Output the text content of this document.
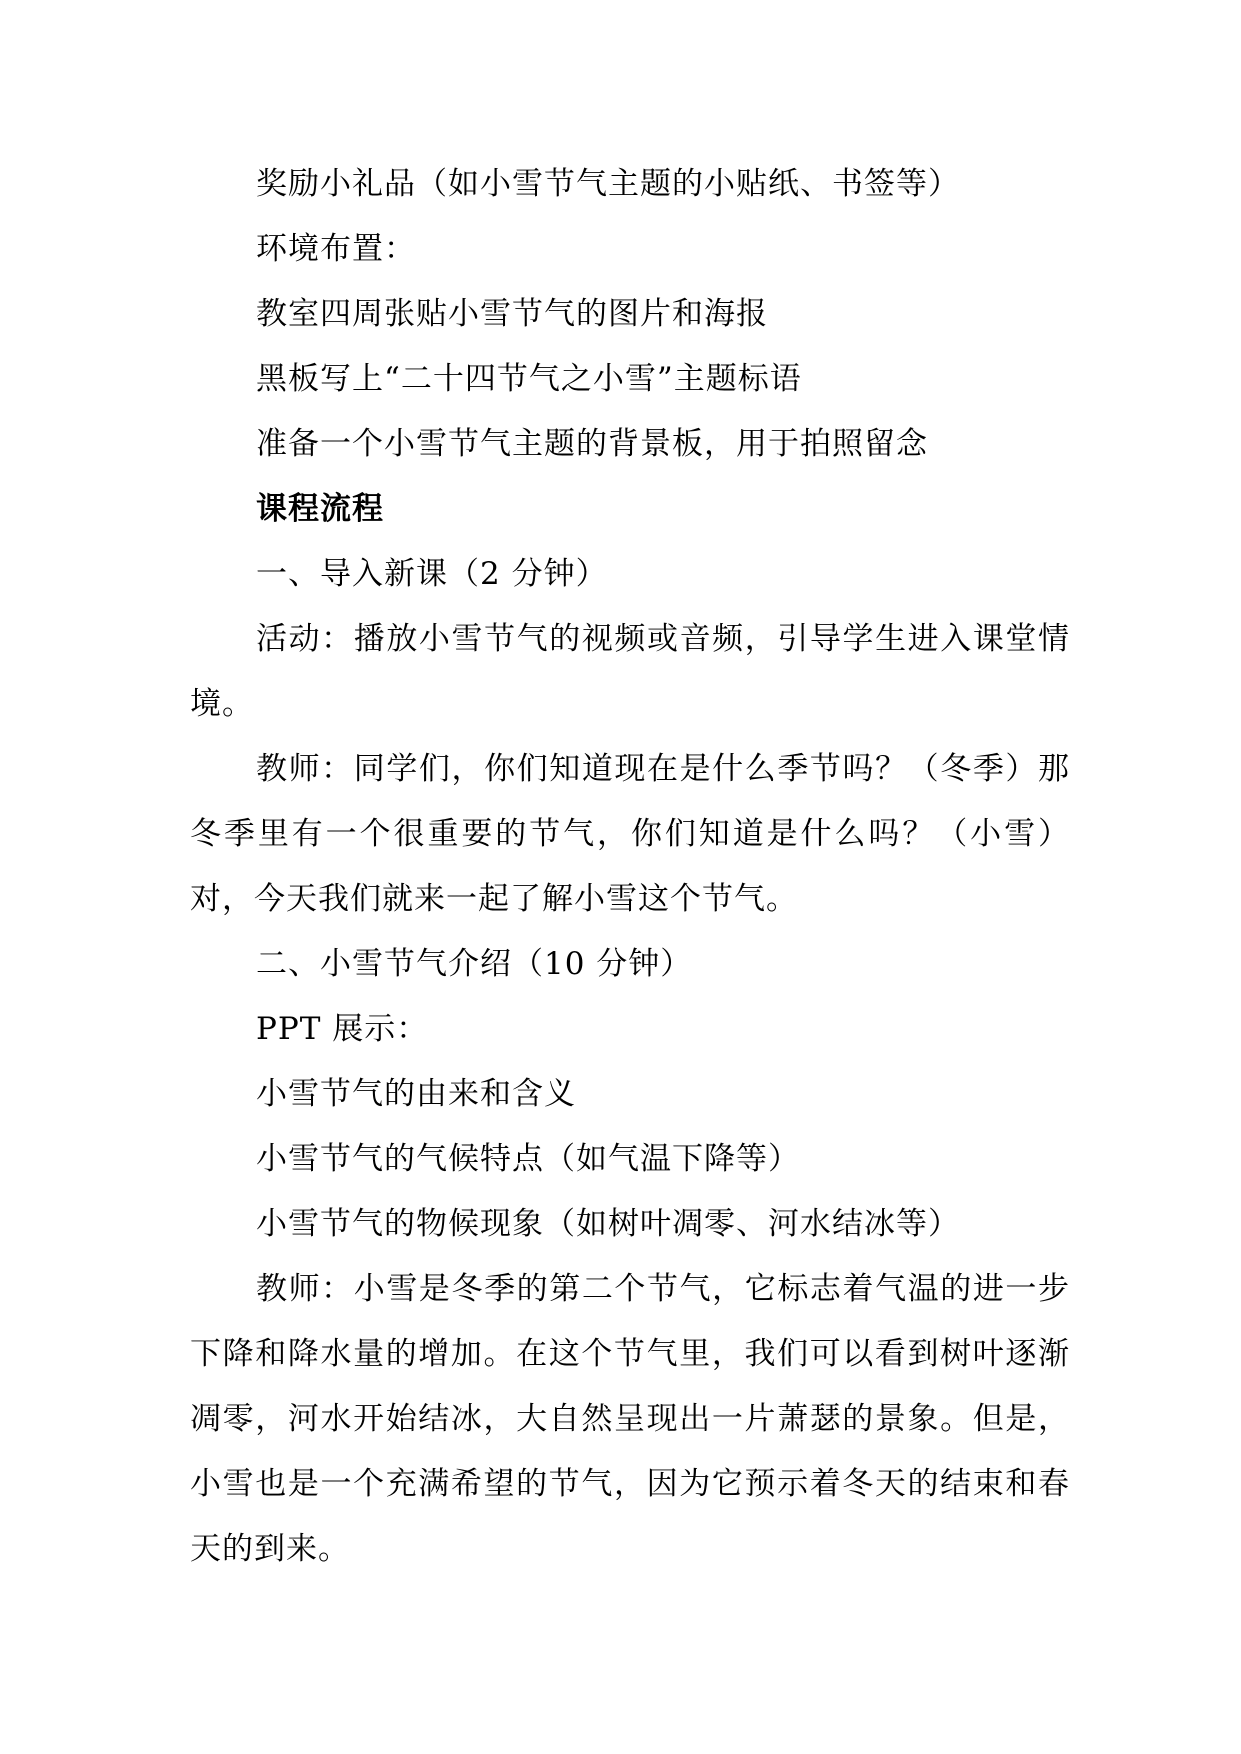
奖励小礼品（如小雪节气主题的小贴纸、书签等）

环境布置：

教室四周张贴小雪节气的图片和海报

黑板写上“二十四节气之小雪”主题标语

准备一个小雪节气主题的背景板，用于拍照留念

课程流程

一、导入新课（2 分钟）

活动：播放小雪节气的视频或音频，引导学生进入课堂情境。

教师：同学们，你们知道现在是什么季节吗？（冬季）那冬季里有一个很重要的节气，你们知道是什么吗？（小雪）对，今天我们就来一起了解小雪这个节气。

二、小雪节气介绍（10 分钟）

PPT 展示：

小雪节气的由来和含义

小雪节气的气候特点（如气温下降等）

小雪节气的物候现象（如树叶凋零、河水结冰等）

教师：小雪是冬季的第二个节气，它标志着气温的进一步下降和降水量的增加。在这个节气里，我们可以看到树叶逐渐凋零，河水开始结冰，大自然呈现出一片萧瑟的景象。但是，小雪也是一个充满希望的节气，因为它预示着冬天的结束和春天的到来。
